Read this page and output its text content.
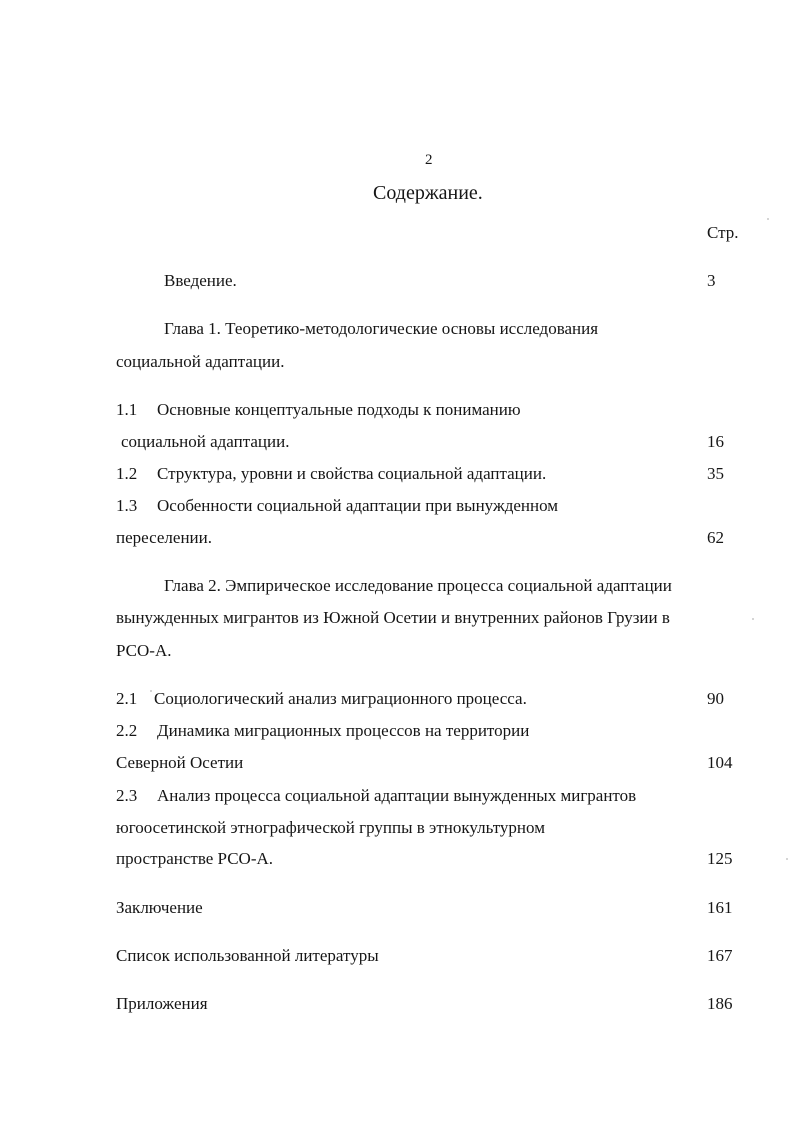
2
Содержание.
Стр.
Введение.	3
Глава 1. Теоретико-методологические основы исследования
социальной адаптации.
1.1 Основные концептуальные подходы к пониманию
социальной адаптации.	16
1.2 Структура, уровни и свойства социальной адаптации.	35
1.3 Особенности социальной адаптации при вынужденном
переселении.	62
Глава 2. Эмпирическое исследование процесса социальной адаптации
вынужденных мигрантов из Южной Осетии и внутренних районов Грузии в
РСО-А.
2.1 Социологический анализ миграционного процесса.	90
2.2 Динамика миграционных процессов на территории
Северной Осетии	104
2.3 Анализ процесса социальной адаптации вынужденных мигрантов
югоосетинской этнографической группы в этнокультурном
пространстве РСО-А.	125
Заключение	161
Список использованной литературы	167
Приложения	186
